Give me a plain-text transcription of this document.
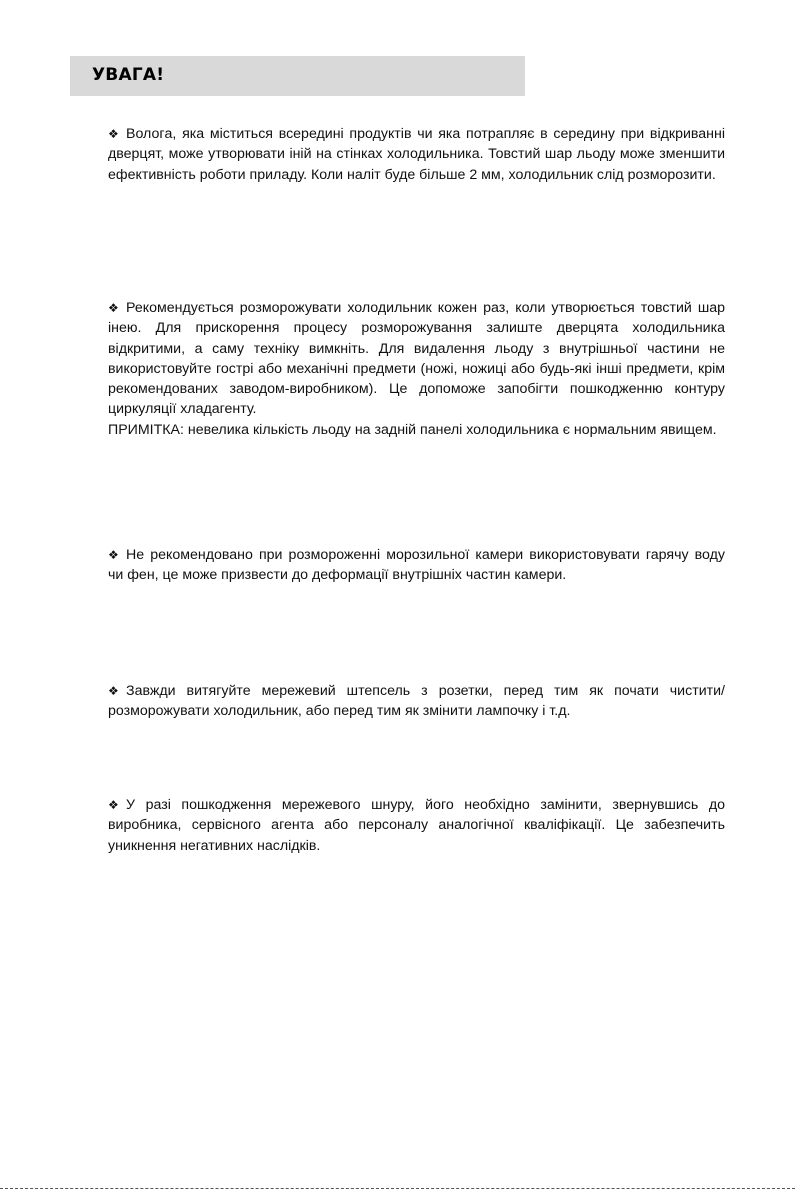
УВАГА!

❖ Вологa, яка міститься всередині продуктів чи яка потрапляє в середину при відкриванні дверцят, може утворювати іній на стінках холодильника. Товстий шар льоду може зменшити ефективність роботи приладу. Коли наліт буде більше 2 мм, холодильник слід розморозити.

❖ Рекомендується розморожувати холодильник кожен раз, коли утворюється товстий шар інею. Для прискорення процесу розморожування залиште дверцята холодильника відкритими, а саму техніку вимкніть. Для видалення льоду з внутрішньої частини не використовуйте гострі або механічні предмети (ножі, ножиці або будь-які інші предмети, крім рекомендованих заводом-виробником). Це допоможе запобігти пошкодженню контуру циркуляції хладагенту.
ПРИМІТКА: невелика кількість льоду на задній панелі холодильника є нормальним явищем.

❖ Не рекомендовано при розмороженні морозильної камери використовувати гарячу воду чи фен, це може призвести до деформації внутрішніх частин камери.

❖ Завжди витягуйте мережевий штепсель з розетки, перед тим як почати чистити/розморожувати холодильник, або перед тим як змінити лампочку і т.д.

❖ У разі пошкодження мережевого шнуру, його необхідно замінити, звернувшись до виробника, сервісного агента або персоналу аналогічної кваліфікації. Це забезпечить уникнення негативних наслідків.
